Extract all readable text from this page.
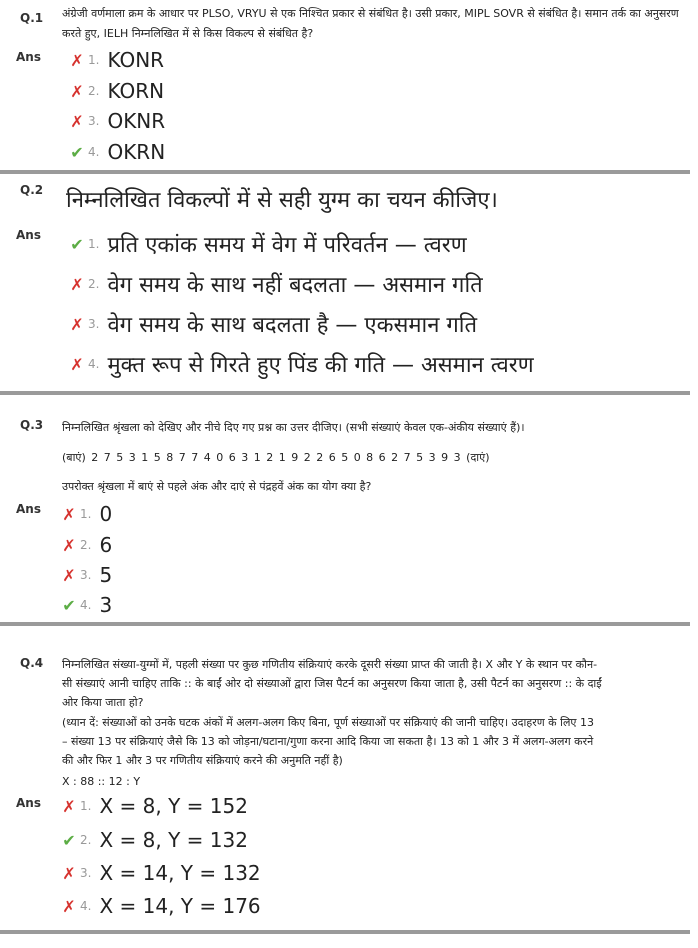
Q.1 अंग्रेजी वर्णमाला क्रम के आधार पर PLSO, VRYU से एक निश्चित प्रकार से संबंधित है। उसी प्रकार, MIPL SOVR से संबंधित है। समान तर्क का अनुसरण करते हुए, IELH निम्नलिखित में से किस विकल्प से संबंधित है?
Ans ✗ 1. KONR
✗ 2. KORN
✗ 3. OKNR
✔ 4. OKRN
Q.2 निम्नलिखित विकल्पों में से सही युग्म का चयन कीजिए।
Ans ✔ 1. प्रति एकांक समय में वेग में परिवर्तन — त्वरण
✗ 2. वेग समय के साथ नहीं बदलता — असमान गति
✗ 3. वेग समय के साथ बदलता है — एकसमान गति
✗ 4. मुक्त रूप से गिरते हुए पिंड की गति — असमान त्वरण
Q.3 निम्नलिखित श्रृंखला को देखिए और नीचे दिए गए प्रश्न का उत्तर दीजिए। (सभी संख्याएं केवल एक-अंकीय संख्याएं हैं)।
(बाएं) 2 7 5 3 1 5 8 7 7 4 0 6 3 1 2 1 9 2 2 6 5 0 8 6 2 7 5 3 9 3 (दाएं)
उपरोक्त श्रृंखला में बाएं से पहले अंक और दाएं से पंद्रहवें अंक का योग क्या है?
Ans ✗ 1. 0
✗ 2. 6
✗ 3. 5
✔ 4. 3
Q.4 निम्नलिखित संख्या-युग्मों में, पहली संख्या पर कुछ गणितीय संक्रियाएं करके दूसरी संख्या प्राप्त की जाती है। X और Y के स्थान पर कौन-सी संख्याएं आनी चाहिए ताकि :: के बाईं ओर दो संख्याओं द्वारा जिस पैटर्न का अनुसरण किया जाता है, उसी पैटर्न का अनुसरण :: के दाईं ओर किया जाता हो?
(ध्यान दें: संख्याओं को उनके घटक अंकों में अलग-अलग किए बिना, पूर्ण संख्याओं पर संक्रियाएं की जानी चाहिए। उदाहरण के लिए 13 – संख्या 13 पर संक्रियाएं जैसे कि 13 को जोड़ना/घटाना/गुणा करना आदि किया जा सकता है। 13 को 1 और 3 में अलग-अलग करने की और फिर 1 और 3 पर गणितीय संक्रियाएं करने की अनुमति नहीं है)
X : 88 :: 12 : Y
Ans ✗ 1. X = 8, Y = 152
✔ 2. X = 8, Y = 132
✗ 3. X = 14, Y = 132
✗ 4. X = 14, Y = 176
